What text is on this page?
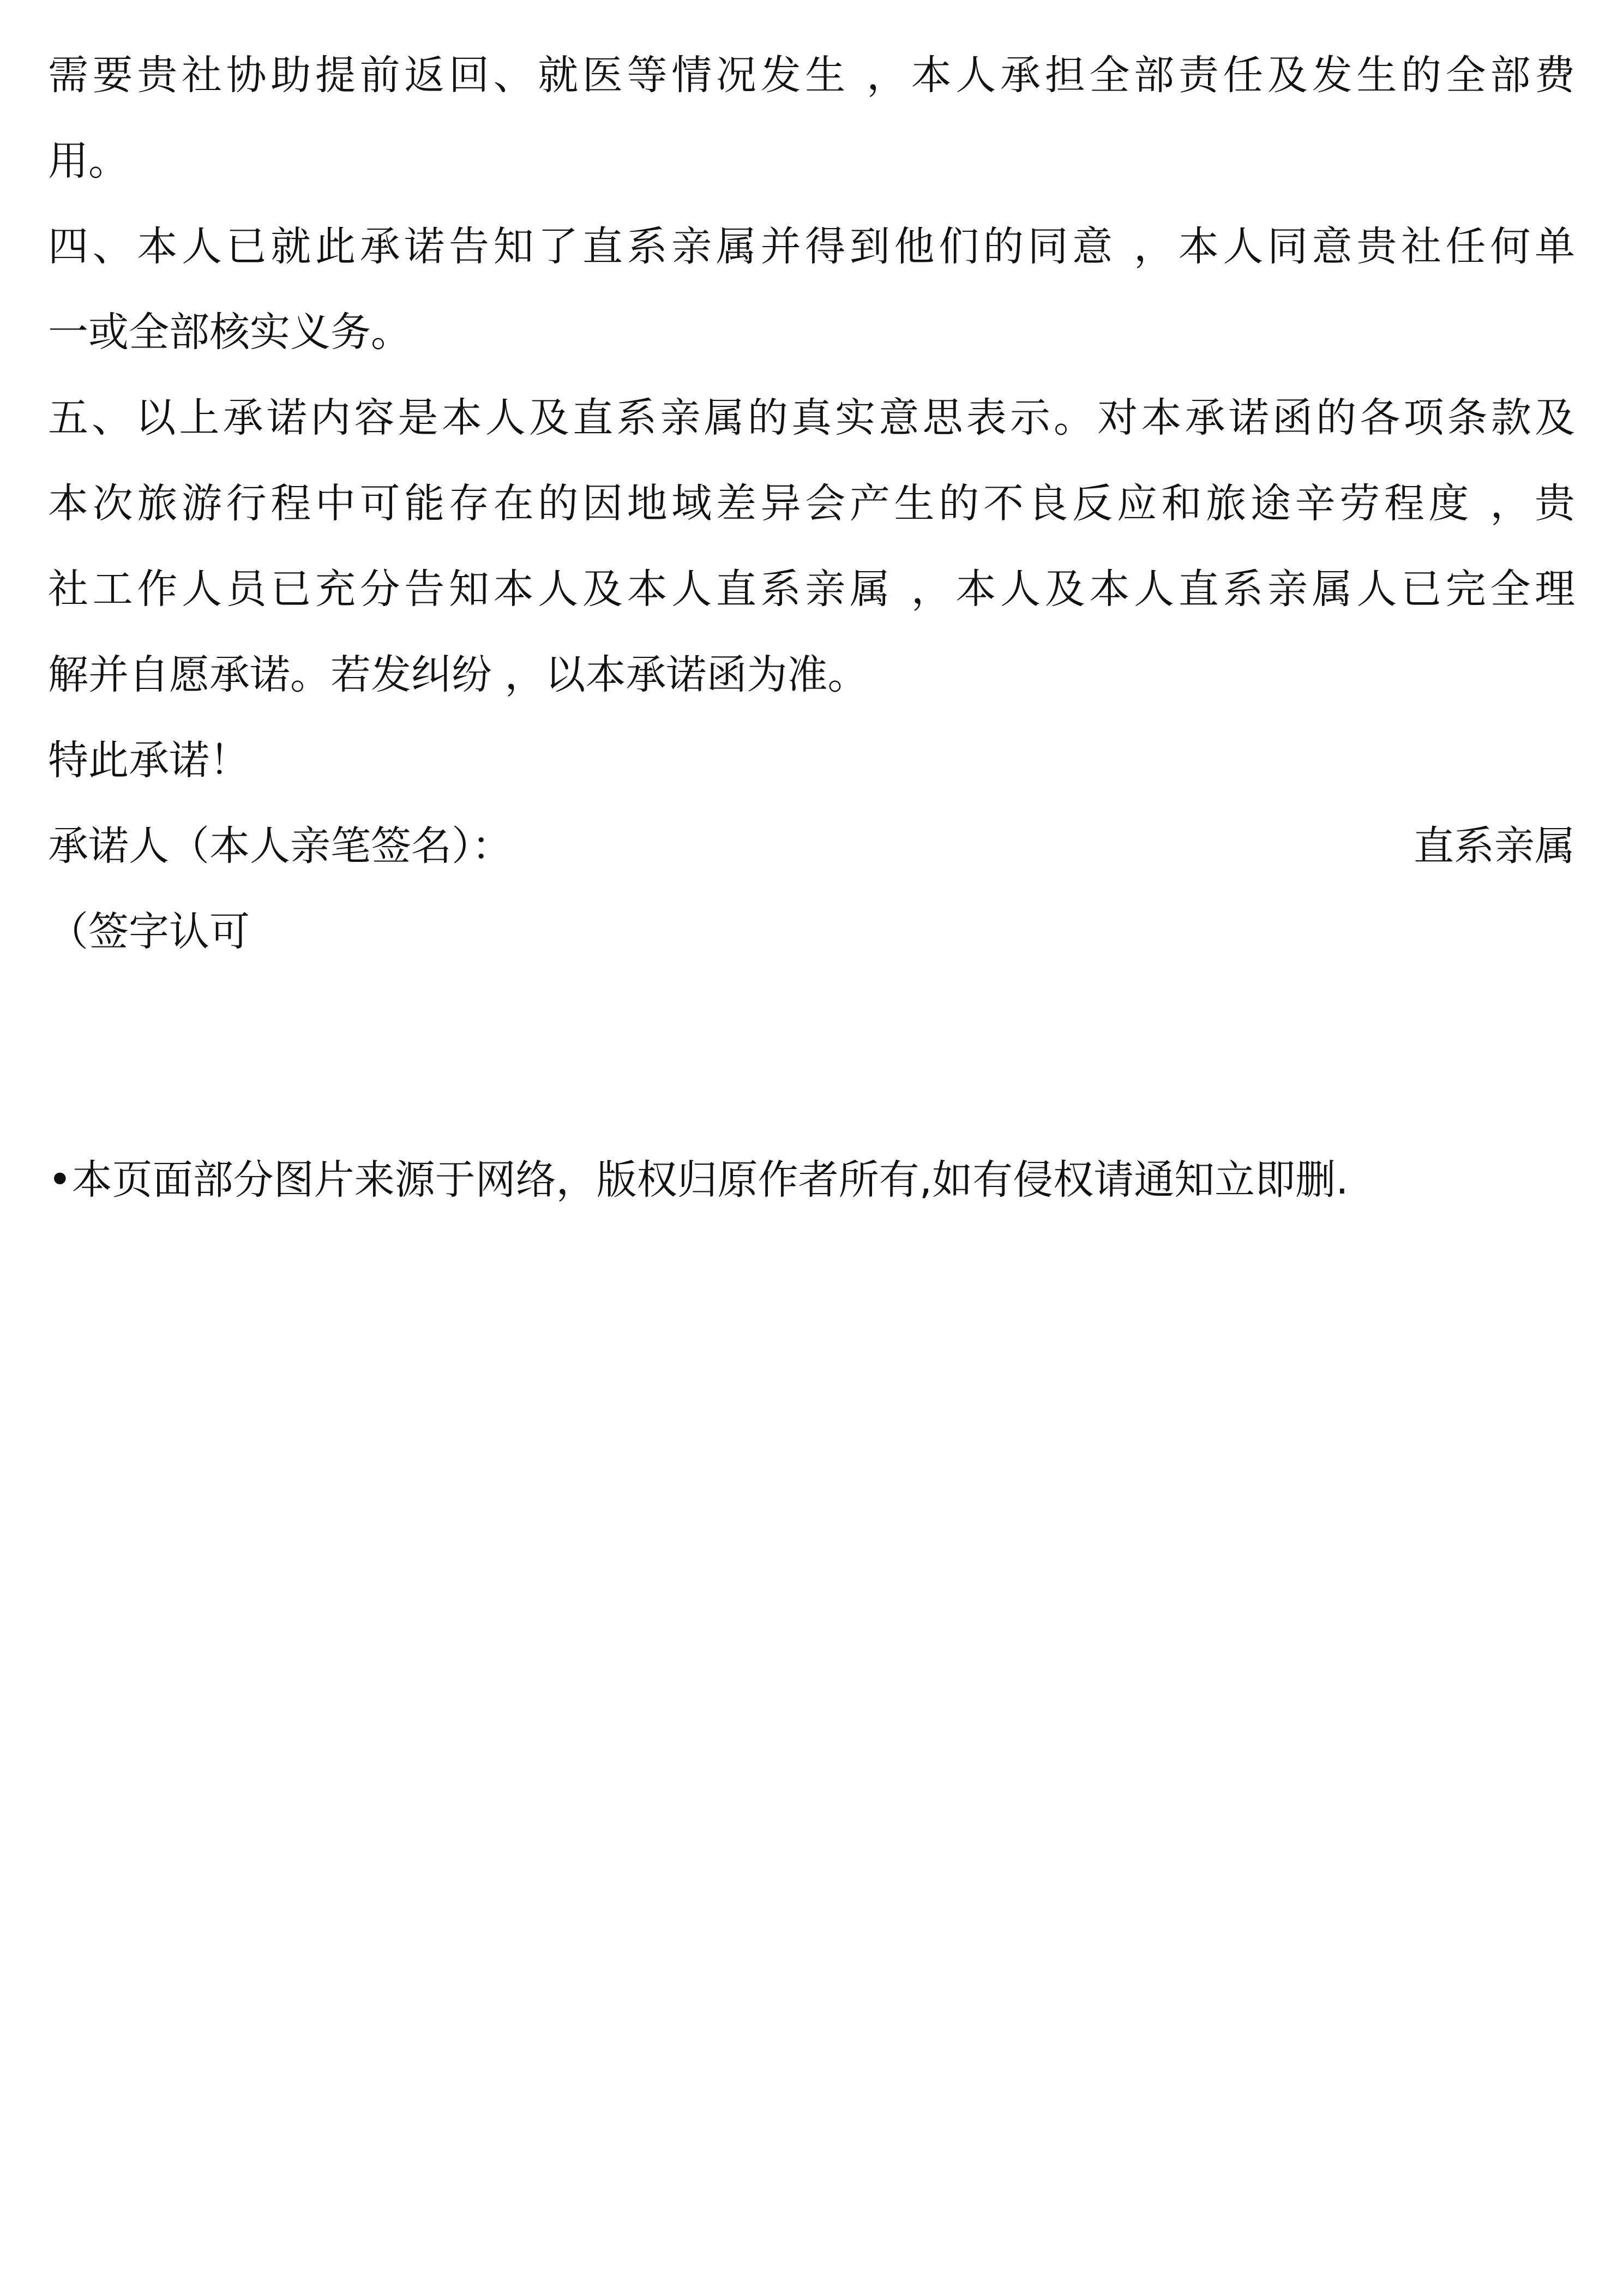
需要贵社协助提前返回、就医等情况发生 ，本人承担全部责任及发生的全部费
用。
四、本人已就此承诺告知了直系亲属并得到他们的同意 ，本人同意贵社任何单
一或全部核实义务。
五、以上承诺内容是本人及直系亲属的真实意思表示。对本承诺函的各项条款及
本次旅游行程中可能存在的因地域差异会产生的不良反应和旅途辛劳程度 ，贵
社工作人员已充分告知本人及本人直系亲属 ，本人及本人直系亲属人已完全理
解并自愿承诺。若发纠纷 ，以本承诺函为准。
特此承诺！
承诺人（本人亲笔签名）：	直系亲属
（签字认可
•本页面部分图片来源于网络，版权归原作者所有,如有侵权请通知立即删.
